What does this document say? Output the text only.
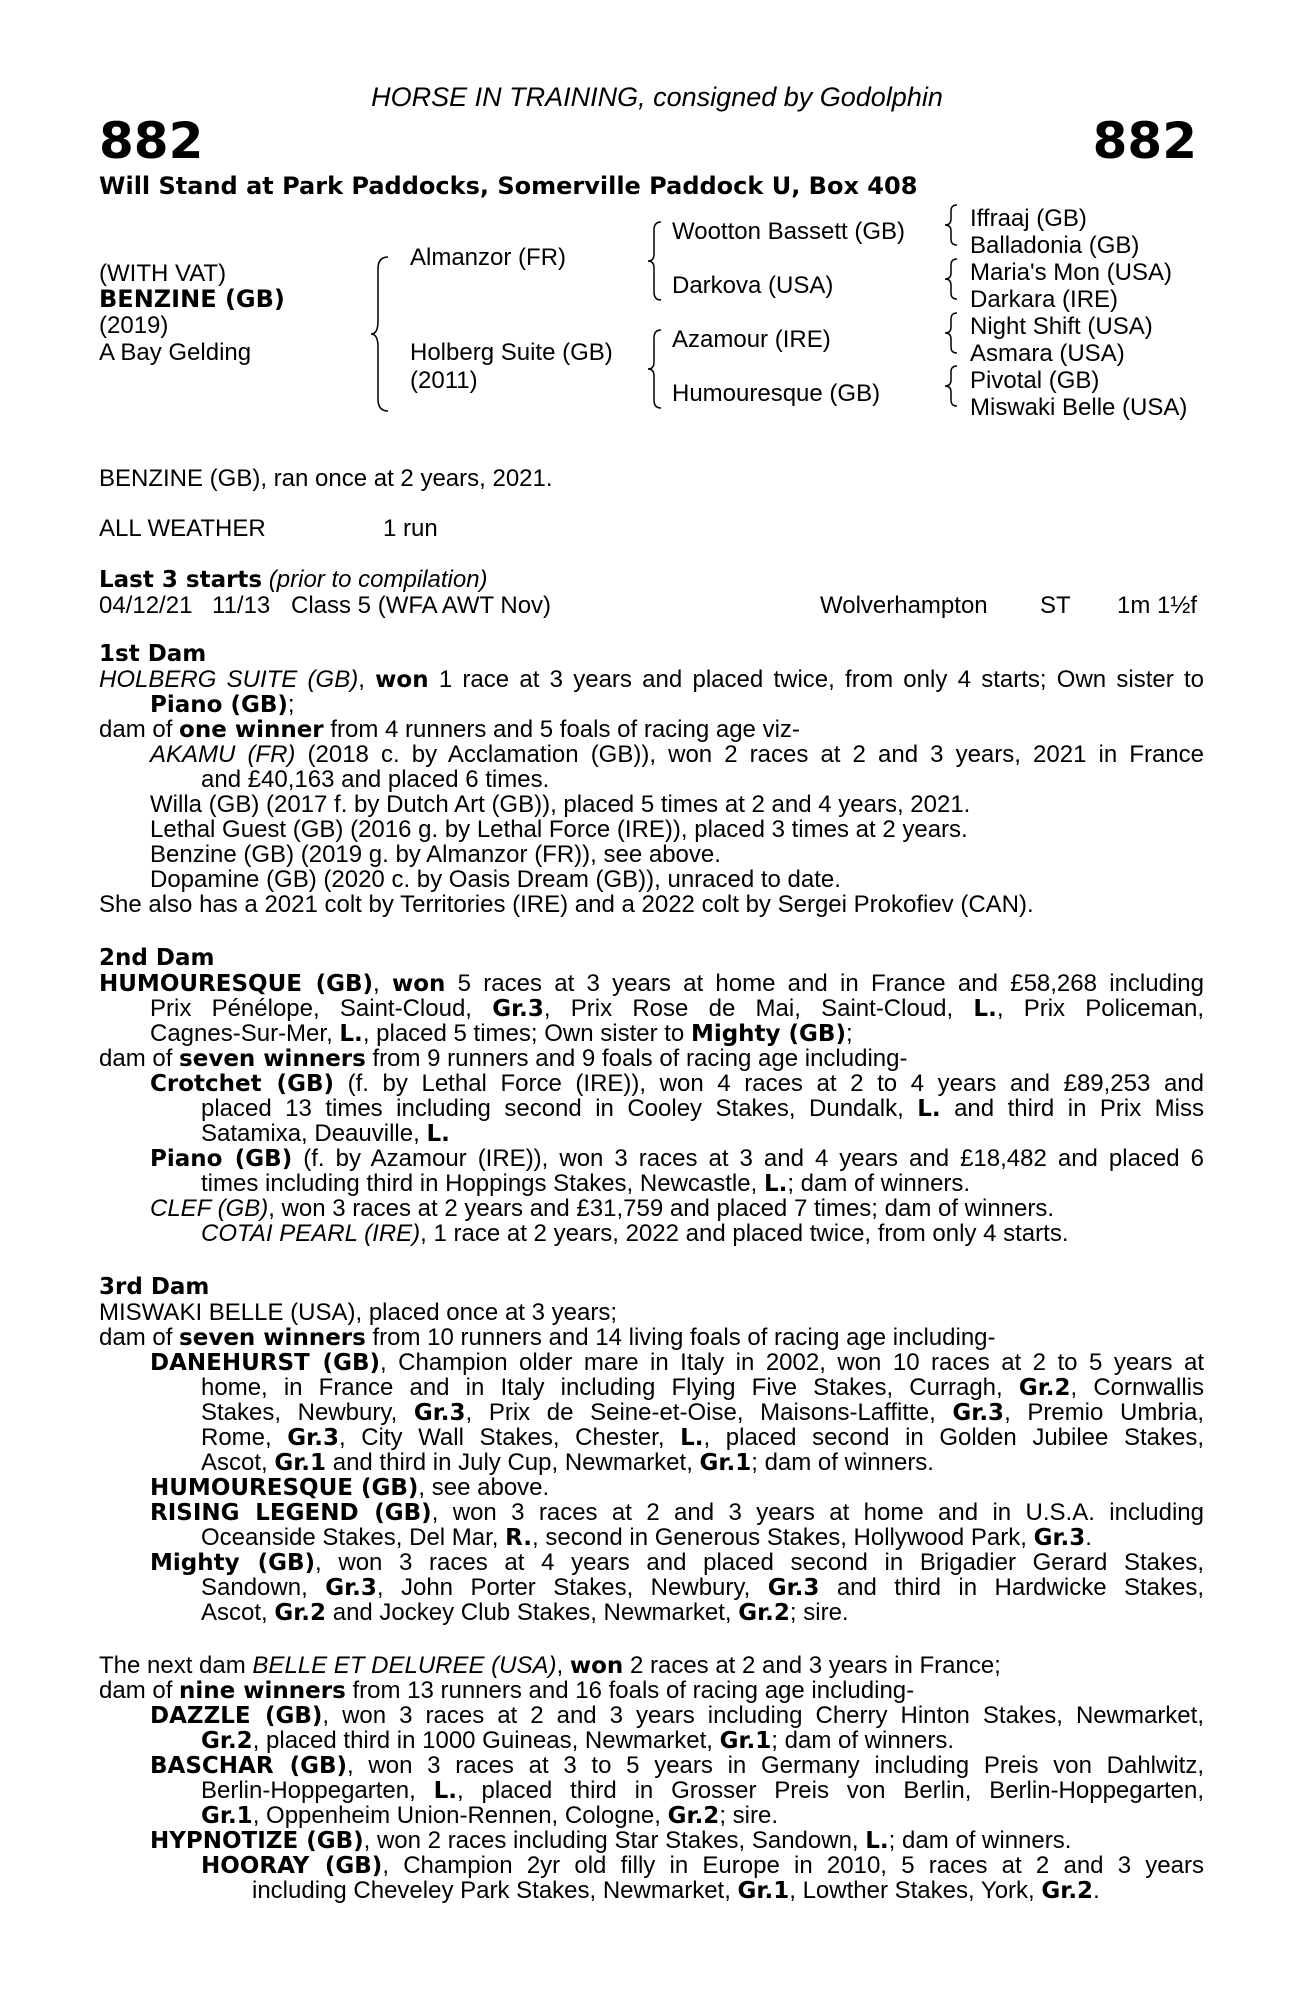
HORSE IN TRAINING, consigned by Godolphin
882	882
Will Stand at Park Paddocks, Somerville Paddock U, Box 408
(WITH VAT)
BENZINE (GB)
(2019)
A Bay Gelding
Almanzor (FR)
Holberg Suite (GB)
(2011)
Wootton Bassett (GB)
Darkova (USA)
Azamour (IRE)
Humouresque (GB)
Iffraaj (GB)
Balladonia (GB)
Maria's Mon (USA)
Darkara (IRE)
Night Shift (USA)
Asmara (USA)
Pivotal (GB)
Miswaki Belle (USA)
BENZINE (GB), ran once at 2 years, 2021.
ALL WEATHER	1 run
Last 3 starts (prior to compilation)
04/12/21 11/13 Class 5 (WFA AWT Nov)	Wolverhampton ST 1m 1½f
1st Dam
HOLBERG SUITE (GB), won 1 race at 3 years and placed twice, from only 4 starts; Own sister to
Piano (GB);
dam of one winner from 4 runners and 5 foals of racing age viz-
AKAMU (FR) (2018 c. by Acclamation (GB)), won 2 races at 2 and 3 years, 2021 in France
and £40,163 and placed 6 times.
Willa (GB) (2017 f. by Dutch Art (GB)), placed 5 times at 2 and 4 years, 2021.
Lethal Guest (GB) (2016 g. by Lethal Force (IRE)), placed 3 times at 2 years.
Benzine (GB) (2019 g. by Almanzor (FR)), see above.
Dopamine (GB) (2020 c. by Oasis Dream (GB)), unraced to date.
She also has a 2021 colt by Territories (IRE) and a 2022 colt by Sergei Prokofiev (CAN).
2nd Dam
HUMOURESQUE (GB), won 5 races at 3 years at home and in France and £58,268 including
Prix Pénélope, Saint-Cloud, Gr.3, Prix Rose de Mai, Saint-Cloud, L., Prix Policeman,
Cagnes-Sur-Mer, L., placed 5 times; Own sister to Mighty (GB);
dam of seven winners from 9 runners and 9 foals of racing age including-
Crotchet (GB) (f. by Lethal Force (IRE)), won 4 races at 2 to 4 years and £89,253 and
placed 13 times including second in Cooley Stakes, Dundalk, L. and third in Prix Miss
Satamixa, Deauville, L.
Piano (GB) (f. by Azamour (IRE)), won 3 races at 3 and 4 years and £18,482 and placed 6
times including third in Hoppings Stakes, Newcastle, L.; dam of winners.
CLEF (GB), won 3 races at 2 years and £31,759 and placed 7 times; dam of winners.
COTAI PEARL (IRE), 1 race at 2 years, 2022 and placed twice, from only 4 starts.
3rd Dam
MISWAKI BELLE (USA), placed once at 3 years;
dam of seven winners from 10 runners and 14 living foals of racing age including-
DANEHURST (GB), Champion older mare in Italy in 2002, won 10 races at 2 to 5 years at
home, in France and in Italy including Flying Five Stakes, Curragh, Gr.2, Cornwallis
Stakes, Newbury, Gr.3, Prix de Seine-et-Oise, Maisons-Laffitte, Gr.3, Premio Umbria,
Rome, Gr.3, City Wall Stakes, Chester, L., placed second in Golden Jubilee Stakes,
Ascot, Gr.1 and third in July Cup, Newmarket, Gr.1; dam of winners.
HUMOURESQUE (GB), see above.
RISING LEGEND (GB), won 3 races at 2 and 3 years at home and in U.S.A. including
Oceanside Stakes, Del Mar, R., second in Generous Stakes, Hollywood Park, Gr.3.
Mighty (GB), won 3 races at 4 years and placed second in Brigadier Gerard Stakes,
Sandown, Gr.3, John Porter Stakes, Newbury, Gr.3 and third in Hardwicke Stakes,
Ascot, Gr.2 and Jockey Club Stakes, Newmarket, Gr.2; sire.
The next dam BELLE ET DELUREE (USA), won 2 races at 2 and 3 years in France;
dam of nine winners from 13 runners and 16 foals of racing age including-
DAZZLE (GB), won 3 races at 2 and 3 years including Cherry Hinton Stakes, Newmarket,
Gr.2, placed third in 1000 Guineas, Newmarket, Gr.1; dam of winners.
BASCHAR (GB), won 3 races at 3 to 5 years in Germany including Preis von Dahlwitz,
Berlin-Hoppegarten, L., placed third in Grosser Preis von Berlin, Berlin-Hoppegarten,
Gr.1, Oppenheim Union-Rennen, Cologne, Gr.2; sire.
HYPNOTIZE (GB), won 2 races including Star Stakes, Sandown, L.; dam of winners.
HOORAY (GB), Champion 2yr old filly in Europe in 2010, 5 races at 2 and 3 years
including Cheveley Park Stakes, Newmarket, Gr.1, Lowther Stakes, York, Gr.2.
